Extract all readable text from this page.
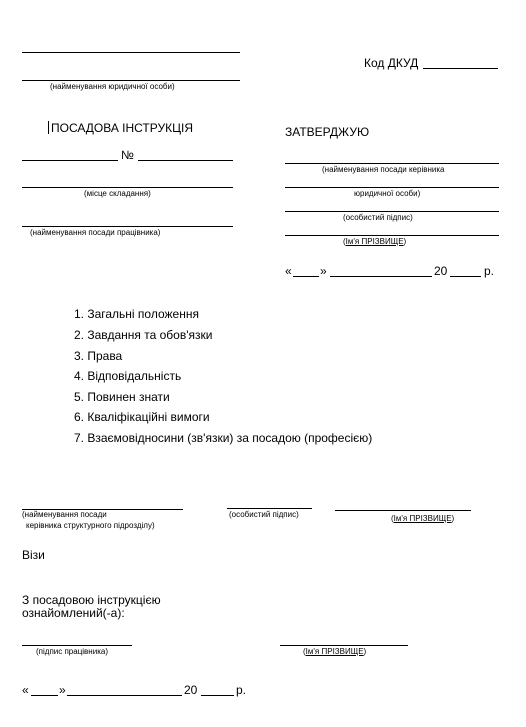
(найменування юридичної особи)
Код ДКУД
ПОСАДОВА ІНСТРУКЦІЯ
№
(місце складання)
(найменування посади працівника)
ЗАТВЕРДЖУЮ
(найменування посади керівника
юридичної особи)
(особистий підпис)
(Ім'я ПРІЗВИЩЕ)
« »	20	р.
1. Загальні положення
2. Завдання та обов'язки
3. Права
4. Відповідальність
5. Повинен знати
6. Кваліфікаційні вимоги
7. Взаємовідносини (зв'язки) за посадою (професією)
(найменування посади
керівника структурного підрозділу)
(особистий підпис)	(Ім'я ПРІЗВИЩЕ)
Візи
З посадовою інструкцією
ознайомлений(-а):
(підпис працівника)	(Ім'я ПРІЗВИЩЕ)
«	»	20	р.
